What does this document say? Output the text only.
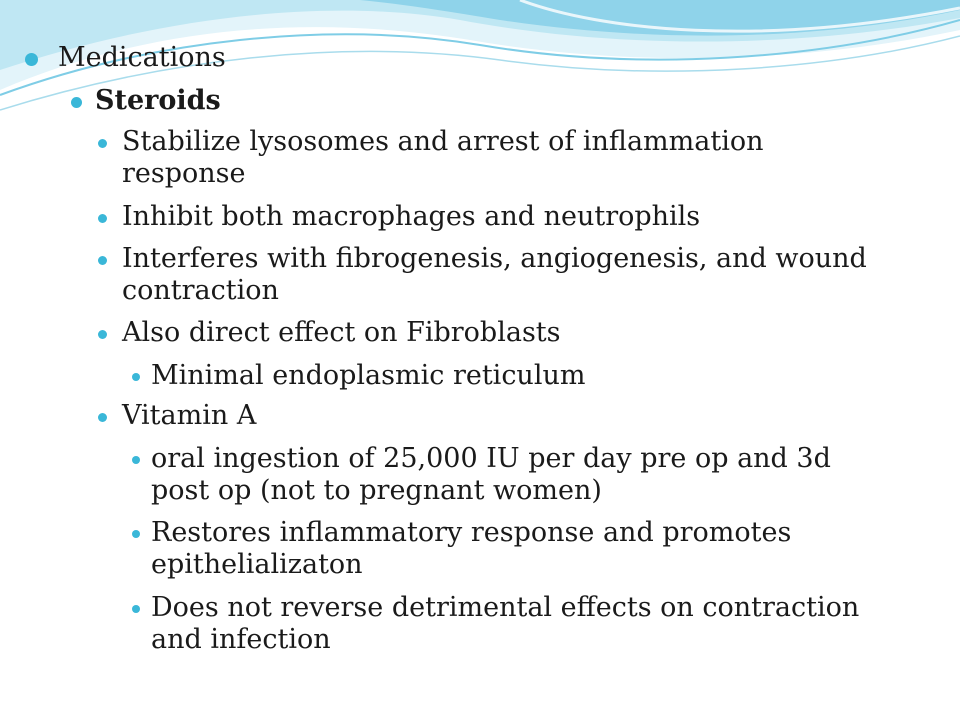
Medications
Steroids
Stabilize lysosomes and arrest of inflammation
response
Inhibit both macrophages and neutrophils
Interferes with fibrogenesis, angiogenesis, and wound
contraction
Also direct effect on Fibroblasts
Minimal endoplasmic reticulum
Vitamin A
oral ingestion of 25,000 IU per day pre op and 3d
post op (not to pregnant women)
Restores inflammatory response and promotes
epithelializaton
Does not reverse detrimental effects on contraction
and infection
